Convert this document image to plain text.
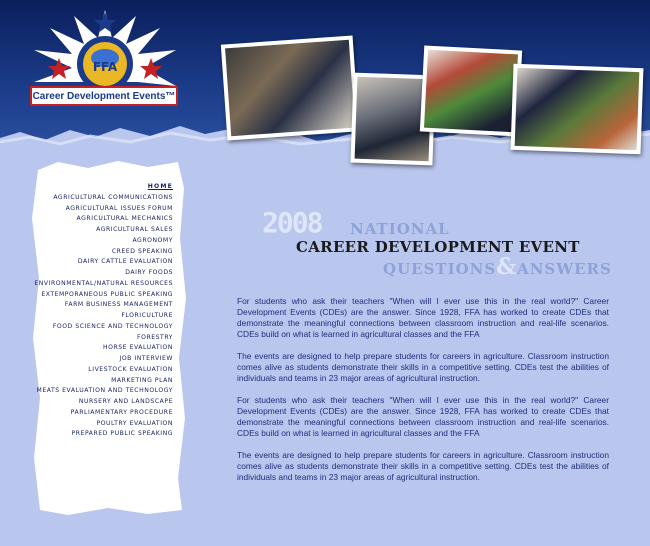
FFA
Career Development Events™
HOME
AGRICULTURAL COMMUNICATIONS
AGRICULTURAL ISSUES FORUM
AGRICULTURAL MECHANICS
AGRICULTURAL SALES
AGRONOMY
CREED SPEAKING
DAIRY CATTLE EVALUATION
DAIRY FOODS
ENVIRONMENTAL/NATURAL RESOURCES
EXTEMPORANEOUS PUBLIC SPEAKING
FARM BUSINESS MANAGEMENT
FLORICULTURE
FOOD SCIENCE AND TECHNOLOGY
FORESTRY
HORSE EVALUATION
JOB INTERVIEW
LIVESTOCK EVALUATION
MARKETING PLAN
MEATS EVALUATION AND TECHNOLOGY
NURSERY AND LANDSCAPE
PARLIAMENTARY PROCEDURE
POULTRY EVALUATION
PREPARED PUBLIC SPEAKING
2008 NATIONAL
CAREER DEVELOPMENT EVENT
QUESTIONS&ANSWERS

For students who ask their teachers "When will I ever use this in the real world?" Career Development Events (CDEs) are the answer. Since 1928, FFA has worked to create CDEs that demonstrate the meaningful connections between classroom instruction and real-life scenarios. CDEs build on what is learned in agricultural classes and the FFA

The events are designed to help prepare students for careers in agriculture. Classroom instruction comes alive as students demonstrate their skills in a competitive setting. CDEs test the abilities of individuals and teams in 23 major areas of agricultural instruction.

For students who ask their teachers "When will I ever use this in the real world?" Career Development Events (CDEs) are the answer. Since 1928, FFA has worked to create CDEs that demonstrate the meaningful connections between classroom instruction and real-life scenarios. CDEs build on what is learned in agricultural classes and the FFA

The events are designed to help prepare students for careers in agriculture. Classroom instruction comes alive as students demonstrate their skills in a competitive setting. CDEs test the abilities of individuals and teams in 23 major areas of agricultural instruction.
